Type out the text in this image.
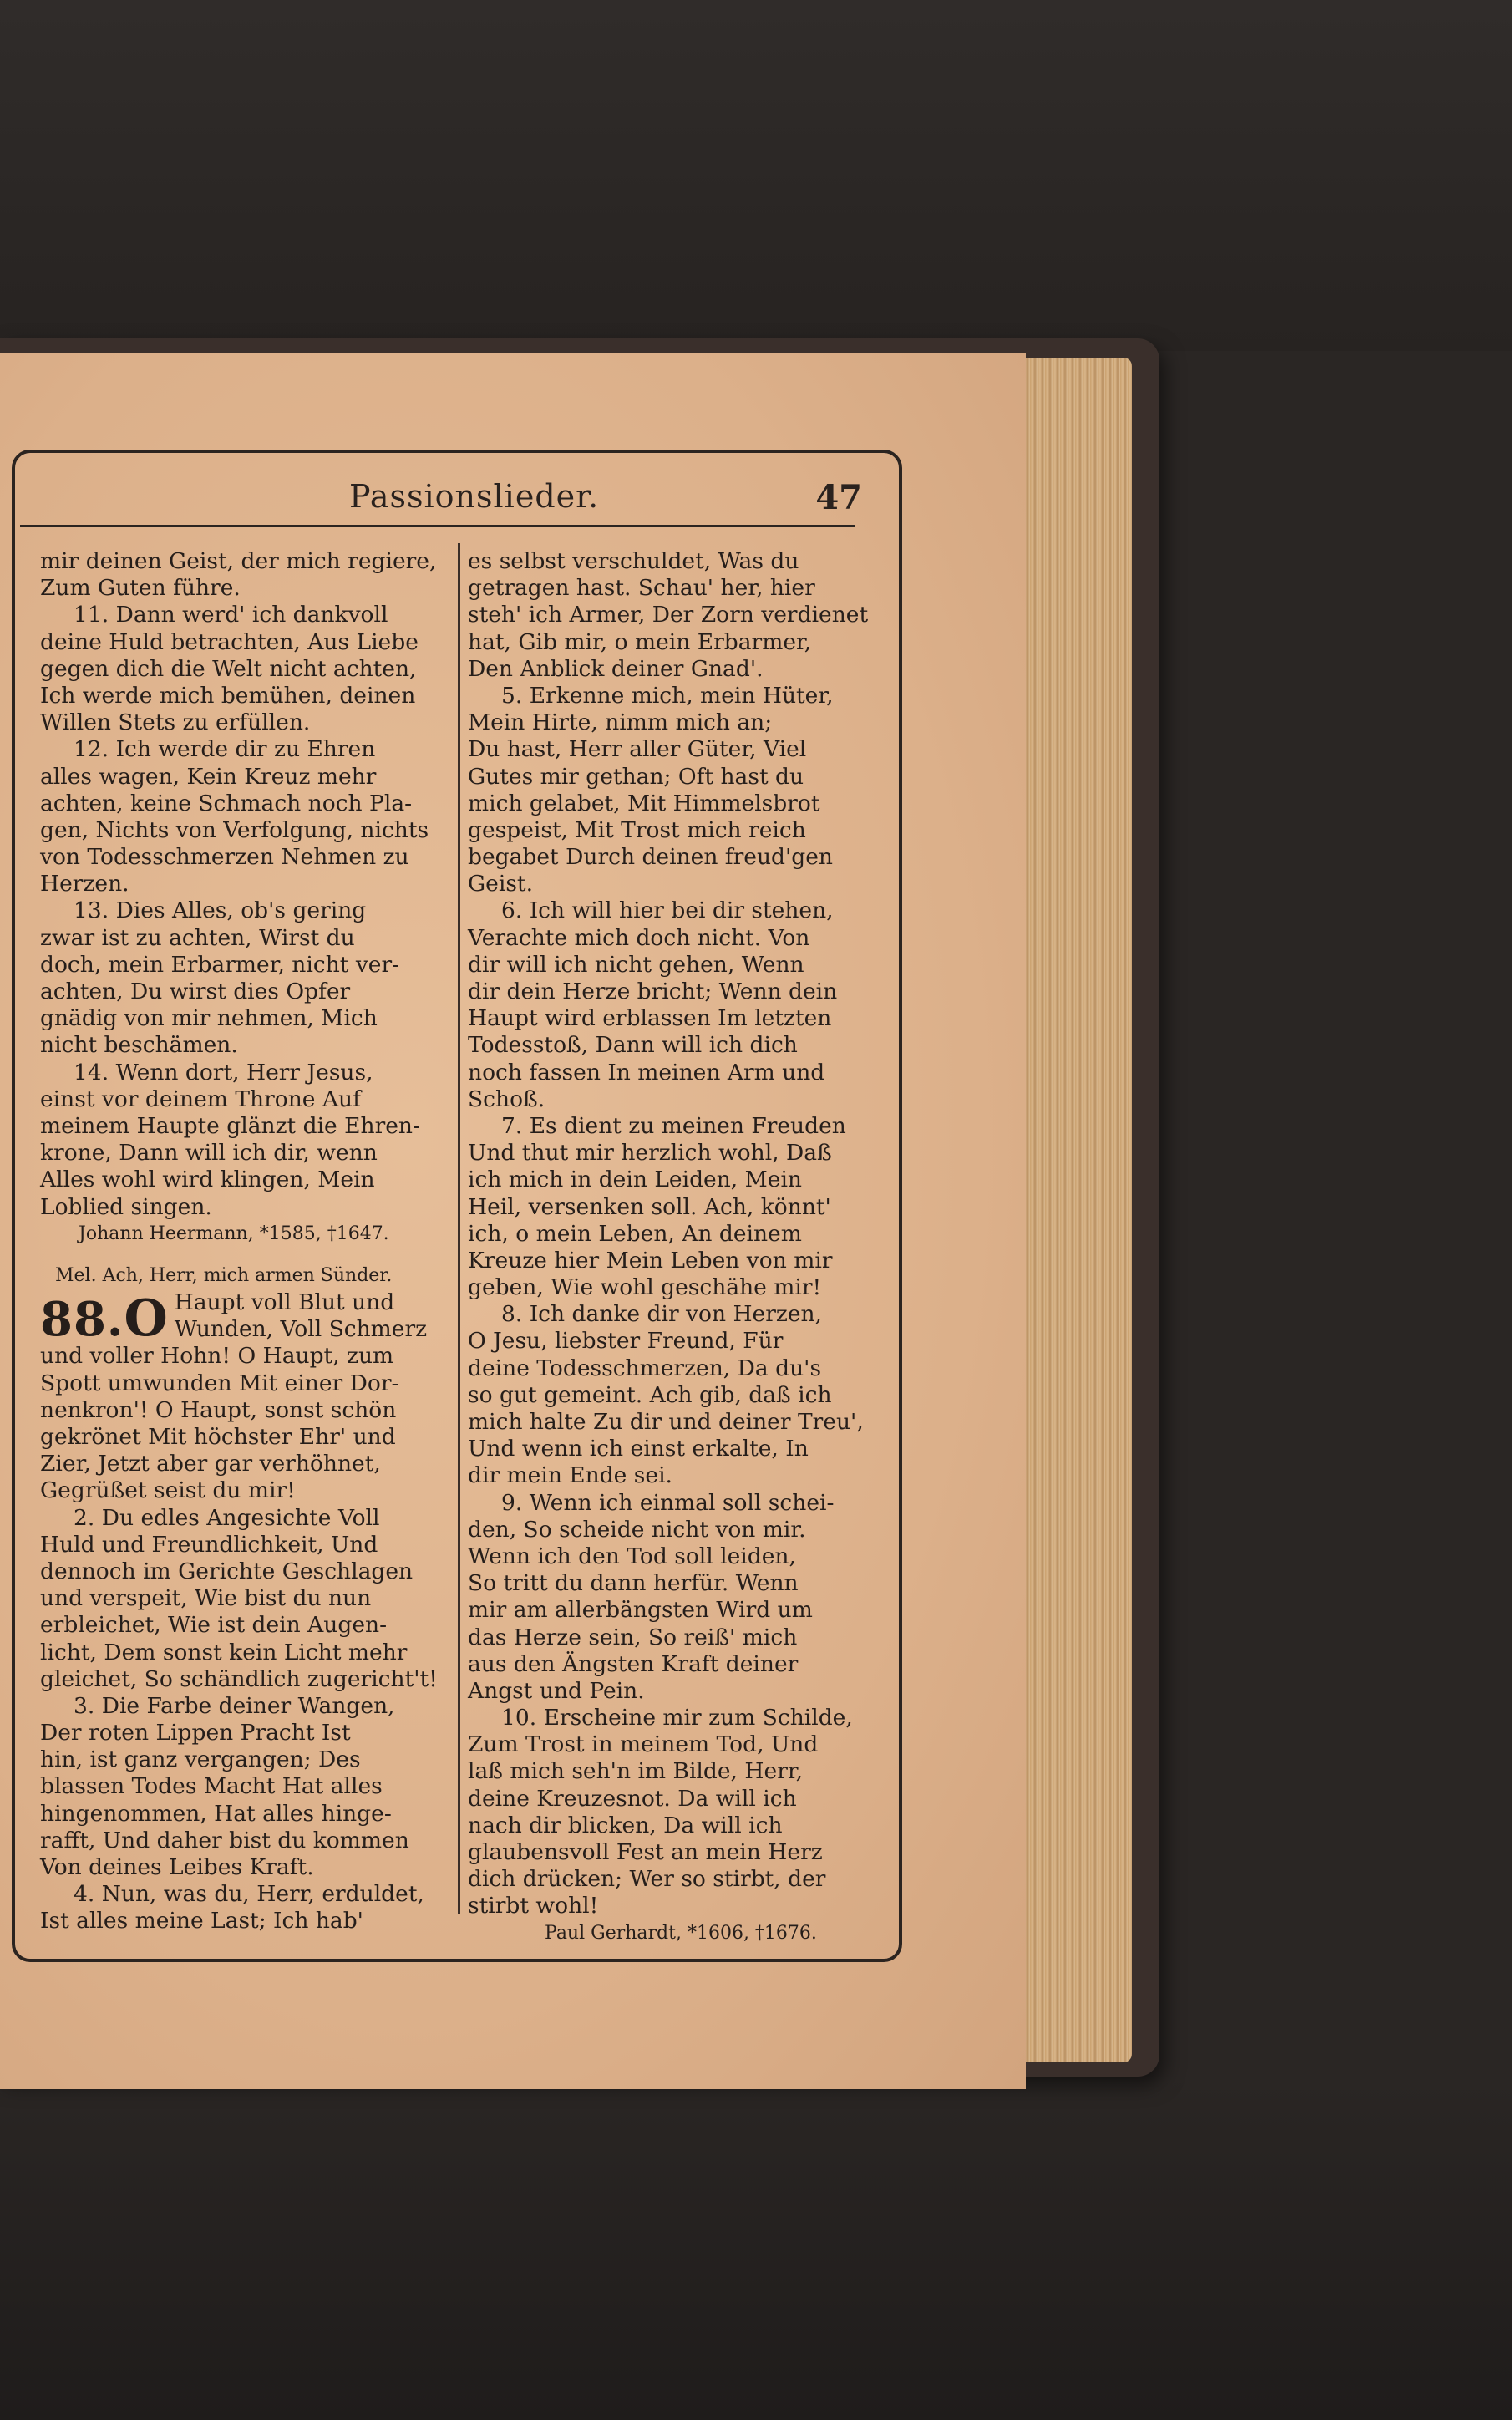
Passionslieder.	47
mir deinen Geist, der mich regiere,
Zum Guten führe.
11. Dann werd' ich dankvoll
deine Huld betrachten, Aus Liebe
gegen dich die Welt nicht achten,
Ich werde mich bemühen, deinen
Willen Stets zu erfüllen.
12. Ich werde dir zu Ehren
alles wagen, Kein Kreuz mehr
achten, keine Schmach noch Pla-
gen, Nichts von Verfolgung, nichts
von Todesschmerzen Nehmen zu
Herzen.
13. Dies Alles, ob's gering
zwar ist zu achten, Wirst du
doch, mein Erbarmer, nicht ver-
achten, Du wirst dies Opfer
gnädig von mir nehmen, Mich
nicht beschämen.
14. Wenn dort, Herr Jesus,
einst vor deinem Throne Auf
meinem Haupte glänzt die Ehren-
krone, Dann will ich dir, wenn
Alles wohl wird klingen, Mein
Loblied singen.
Johann Heermann, *1585, †1647.
Mel. Ach, Herr, mich armen Sünder.
88. O Haupt voll Blut und
Wunden, Voll Schmerz
und voller Hohn! O Haupt, zum
Spott umwunden Mit einer Dor-
nenkron'! O Haupt, sonst schön
gekrönet Mit höchster Ehr' und
Zier, Jetzt aber gar verhöhnet,
Gegrüßet seist du mir!
2. Du edles Angesichte Voll
Huld und Freundlichkeit, Und
dennoch im Gerichte Geschlagen
und verspeit, Wie bist du nun
erbleichet, Wie ist dein Augen-
licht, Dem sonst kein Licht mehr
gleichet, So schändlich zugericht't!
3. Die Farbe deiner Wangen,
Der roten Lippen Pracht Ist
hin, ist ganz vergangen; Des
blassen Todes Macht Hat alles
hingenommen, Hat alles hinge-
rafft, Und daher bist du kommen
Von deines Leibes Kraft.
4. Nun, was du, Herr, erduldet,
Ist alles meine Last; Ich hab'
es selbst verschuldet, Was du
getragen hast. Schau' her, hier
steh' ich Armer, Der Zorn verdienet
hat, Gib mir, o mein Erbarmer,
Den Anblick deiner Gnad'.
5. Erkenne mich, mein Hüter,
Mein Hirte, nimm mich an;
Du hast, Herr aller Güter, Viel
Gutes mir gethan; Oft hast du
mich gelabet, Mit Himmelsbrot
gespeist, Mit Trost mich reich
begabet Durch deinen freud'gen
Geist.
6. Ich will hier bei dir stehen,
Verachte mich doch nicht. Von
dir will ich nicht gehen, Wenn
dir dein Herze bricht; Wenn dein
Haupt wird erblassen Im letzten
Todesstoß, Dann will ich dich
noch fassen In meinen Arm und
Schoß.
7. Es dient zu meinen Freuden
Und thut mir herzlich wohl, Daß
ich mich in dein Leiden, Mein
Heil, versenken soll. Ach, könnt'
ich, o mein Leben, An deinem
Kreuze hier Mein Leben von mir
geben, Wie wohl geschähe mir!
8. Ich danke dir von Herzen,
O Jesu, liebster Freund, Für
deine Todesschmerzen, Da du's
so gut gemeint. Ach gib, daß ich
mich halte Zu dir und deiner Treu',
Und wenn ich einst erkalte, In
dir mein Ende sei.
9. Wenn ich einmal soll schei-
den, So scheide nicht von mir.
Wenn ich den Tod soll leiden,
So tritt du dann herfür. Wenn
mir am allerbängsten Wird um
das Herze sein, So reiß' mich
aus den Ängsten Kraft deiner
Angst und Pein.
10. Erscheine mir zum Schilde,
Zum Trost in meinem Tod, Und
laß mich seh'n im Bilde, Herr,
deine Kreuzesnot. Da will ich
nach dir blicken, Da will ich
glaubensvoll Fest an mein Herz
dich drücken; Wer so stirbt, der
stirbt wohl!
Paul Gerhardt, *1606, †1676.
